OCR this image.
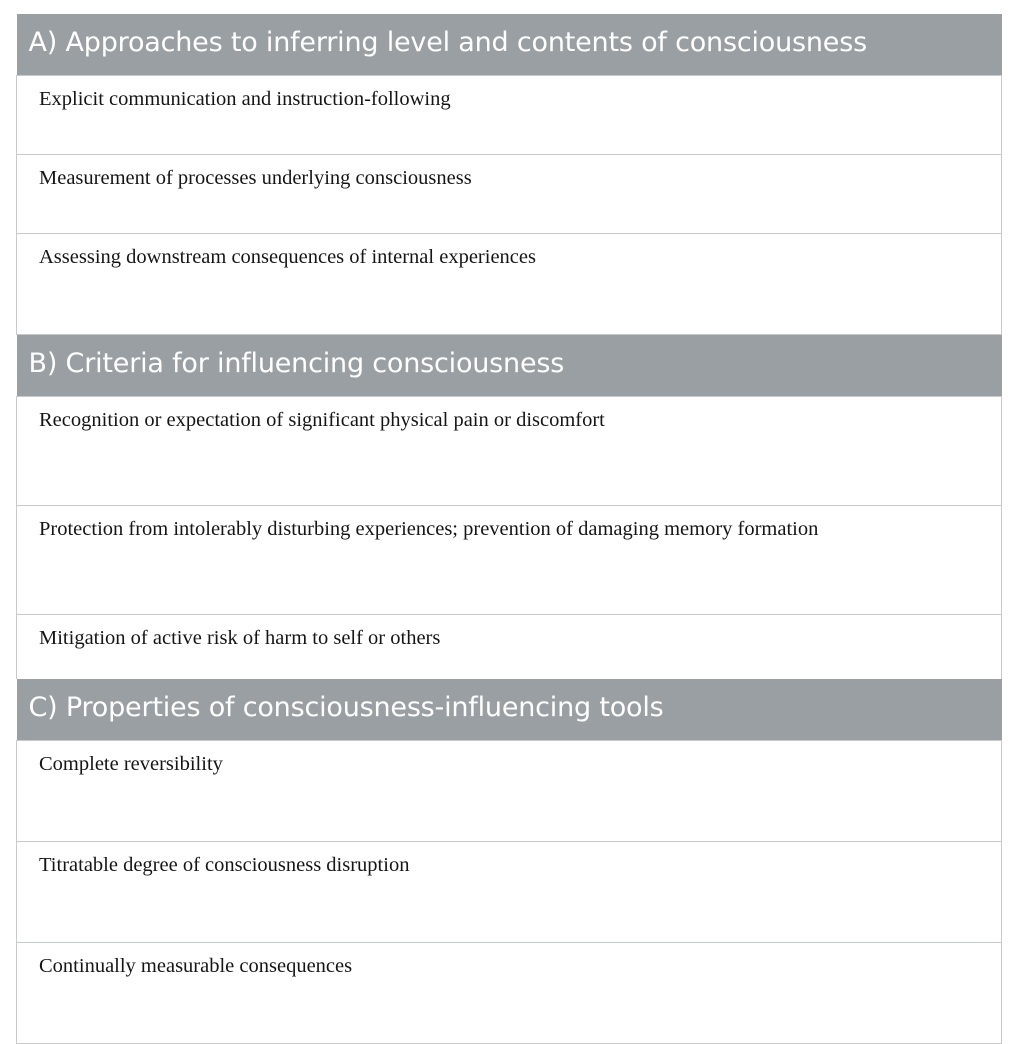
A) Approaches to inferring level and contents of consciousness
Explicit communication and instruction-following
Measurement of processes underlying consciousness
Assessing downstream consequences of internal experiences
B) Criteria for influencing consciousness
Recognition or expectation of significant physical pain or discomfort
Protection from intolerably disturbing experiences; prevention of damaging memory formation
Mitigation of active risk of harm to self or others
C) Properties of consciousness-influencing tools
Complete reversibility
Titratable degree of consciousness disruption
Continually measurable consequences
